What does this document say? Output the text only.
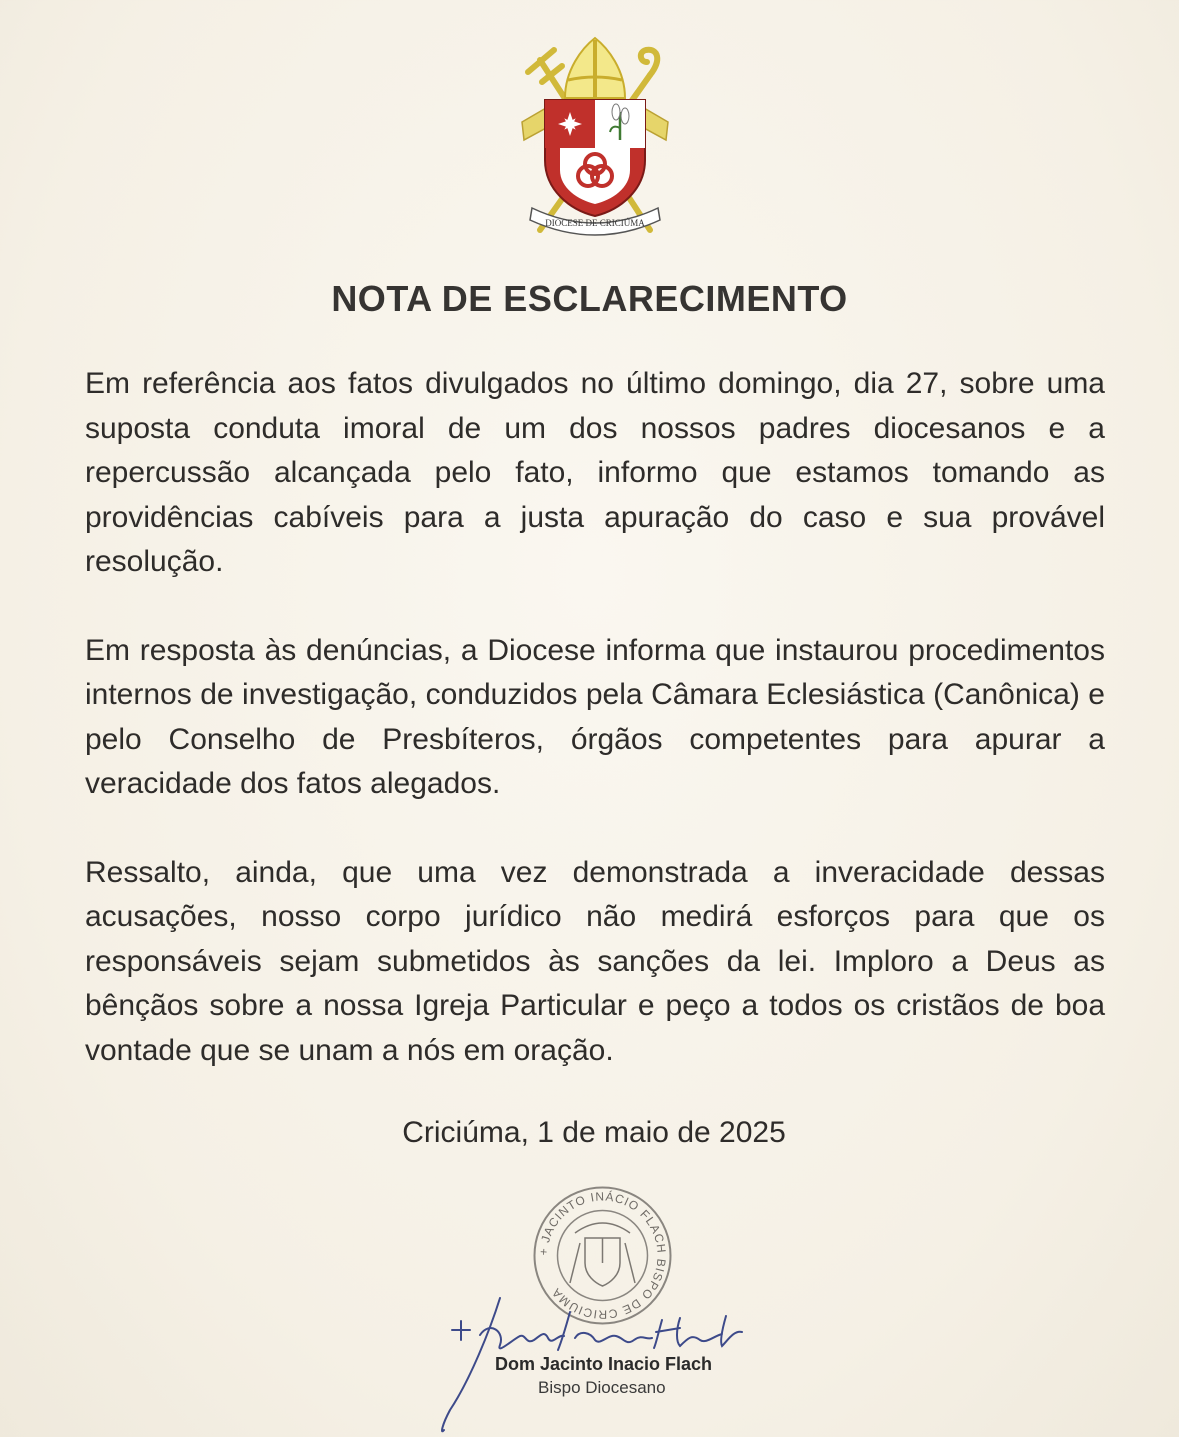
DIOCESE DE CRICIÚMA
NOTA DE ESCLARECIMENTO

Em referência aos fatos divulgados no último domingo, dia 27, sobre uma suposta conduta imoral de um dos nossos padres diocesanos e a repercussão alcançada pelo fato, informo que estamos tomando as providências cabíveis para a justa apuração do caso e sua provável resolução.

Em resposta às denúncias, a Diocese informa que instaurou procedimentos internos de investigação, conduzidos pela Câmara Eclesiástica (Canônica) e pelo Conselho de Presbíteros, órgãos competentes para apurar a veracidade dos fatos alegados.

Ressalto, ainda, que uma vez demonstrada a inveracidade dessas acusações, nosso corpo jurídico não medirá esforços para que os responsáveis sejam submetidos às sanções da lei. Imploro a Deus as bênçãos sobre a nossa Igreja Particular e peço a todos os cristãos de boa vontade que se unam a nós em oração.

Criciúma, 1 de maio de 2025
+ JACINTO INÁCIO FLACH BISPO DE CRICIÚMA
Dom Jacinto Inacio Flach
Bispo Diocesano
